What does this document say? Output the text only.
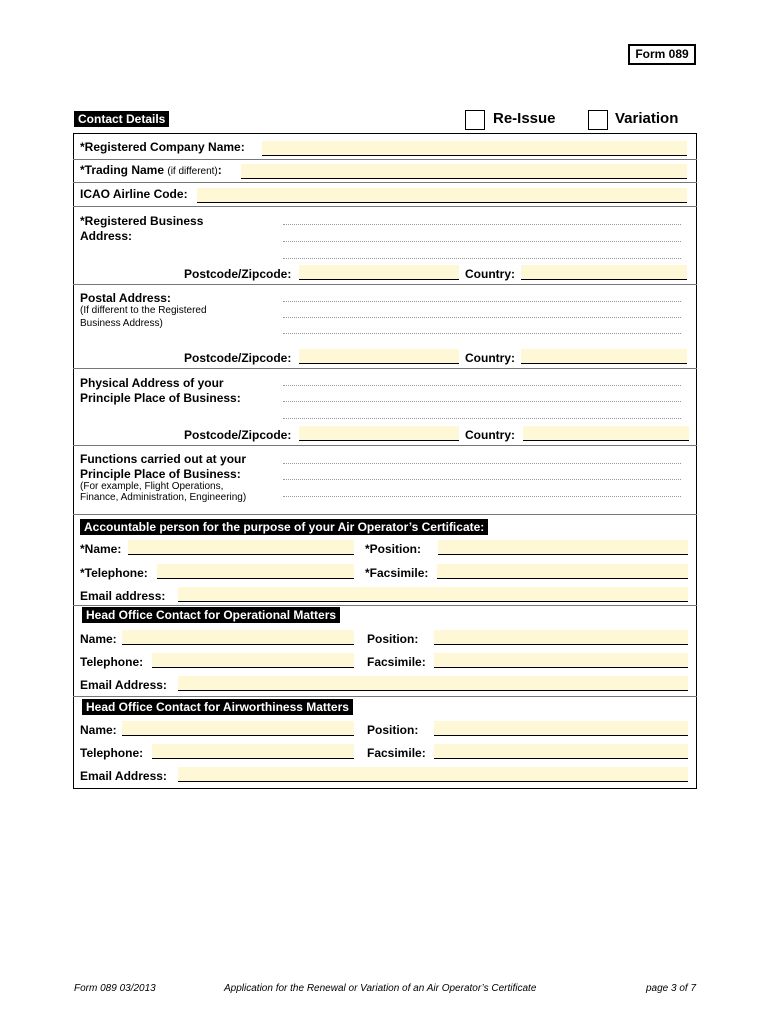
Form 089
Contact Details	Re-Issue	Variation
*Registered Company Name:
*Trading Name (if different):
ICAO Airline Code:
*Registered Business
Address:
Postcode/Zipcode:	Country:
Postal Address:
(If different to the Registered
Business Address)
Postcode/Zipcode:	Country:
Physical Address of your
Principle Place of Business:
Postcode/Zipcode:	Country:
Functions carried out at your
Principle Place of Business:
(For example, Flight Operations,
Finance, Administration, Engineering)
Accountable person for the purpose of your Air Operator’s Certificate:
*Name:	*Position:
*Telephone:	*Facsimile:
Email address:
Head Office Contact for Operational Matters
Name:	Position:
Telephone:	Facsimile:
Email Address:
Head Office Contact for Airworthiness Matters
Name:	Position:
Telephone:	Facsimile:
Email Address:
Form 089 03/2013	Application for the Renewal or Variation of an Air Operator’s Certificate	page 3 of 7
